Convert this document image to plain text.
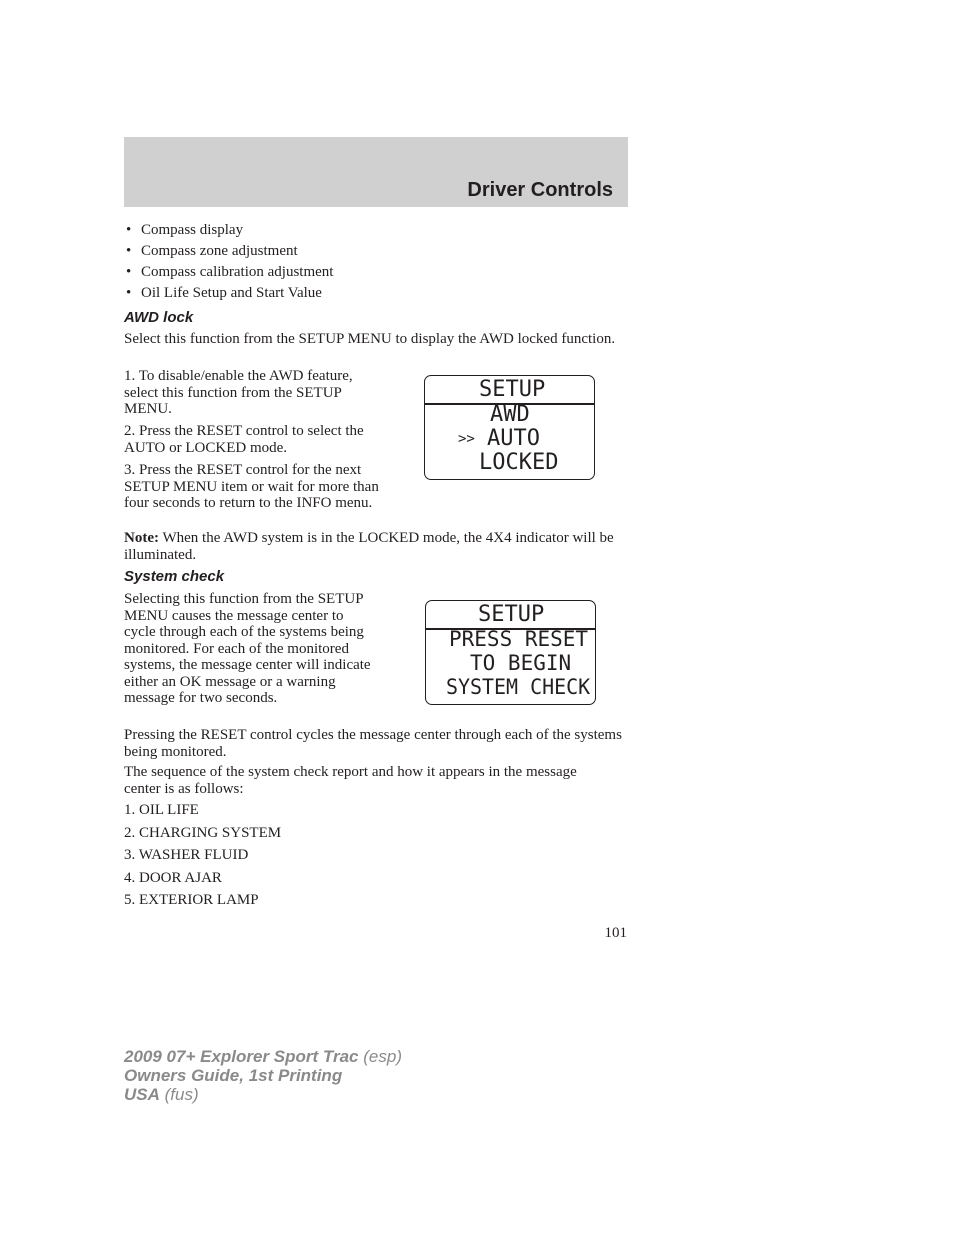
Driver Controls
• Compass display
• Compass zone adjustment
• Compass calibration adjustment
• Oil Life Setup and Start Value
AWD lock

Select this function from the SETUP MENU to display the AWD locked function.

1. To disable/enable the AWD feature, select this function from the SETUP MENU.

2. Press the RESET control to select the AUTO or LOCKED mode.

3. Press the RESET control for the next SETUP MENU item or wait for more than four seconds to return to the INFO menu.

Note: When the AWD system is in the LOCKED mode, the 4X4 indicator will be illuminated.

SETUP
AWD
>> AUTO
LOCKED
System check

Selecting this function from the SETUP MENU causes the message center to cycle through each of the systems being monitored. For each of the monitored systems, the message center will indicate either an OK message or a warning message for two seconds.

SETUP
PRESS RESET
TO BEGIN
SYSTEM CHECK

Pressing the RESET control cycles the message center through each of the systems being monitored.

The sequence of the system check report and how it appears in the message center is as follows:

1. OIL LIFE
2. CHARGING SYSTEM
3. WASHER FLUID
4. DOOR AJAR
5. EXTERIOR LAMP
101
2009 07+ Explorer Sport Trac (esp)
Owners Guide, 1st Printing
USA (fus)
